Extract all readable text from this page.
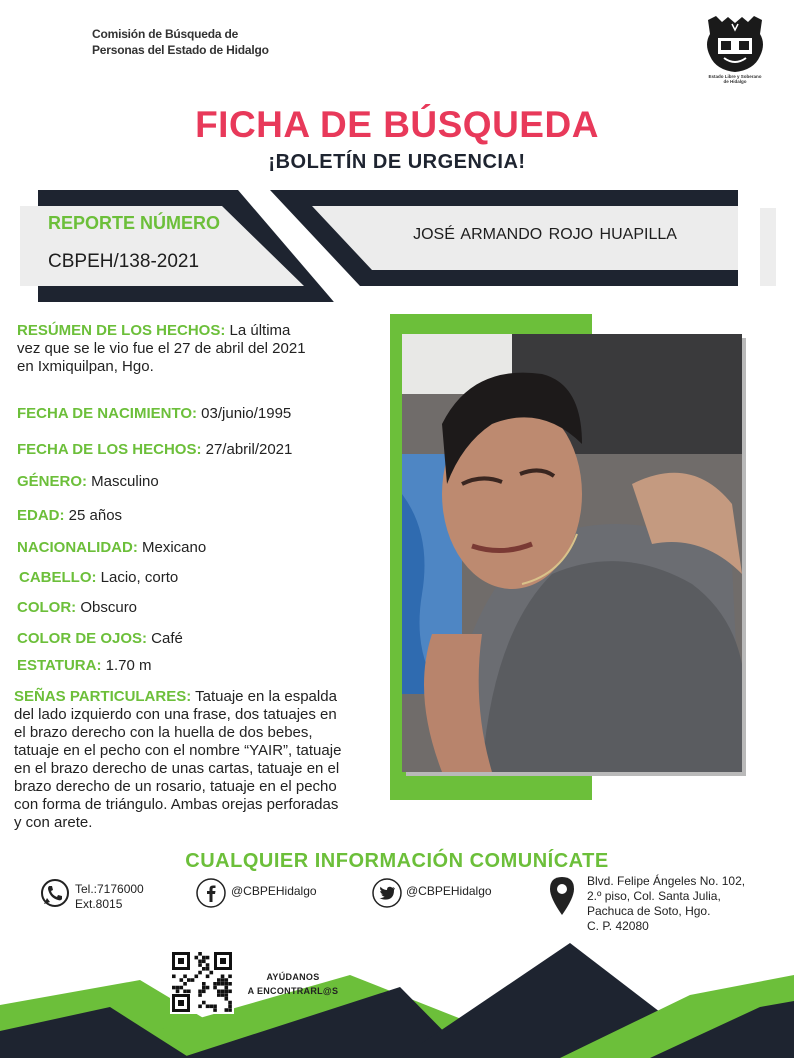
Comisión de Búsqueda de
Personas del Estado de Hidalgo
Estado Libre y Soberano
de Hidalgo
FICHA DE BÚSQUEDA
¡BOLETÍN DE URGENCIA!
REPORTE NÚMERO
CBPEH/138-2021
JOSÉ ARMANDO ROJO HUAPILLA
RESÚMEN DE LOS HECHOS: La última
vez que se le vio fue el 27 de abril del 2021
en Ixmiquilpan, Hgo.
FECHA DE NACIMIENTO: 03/junio/1995
FECHA DE LOS HECHOS: 27/abril/2021
GÉNERO: Masculino
EDAD: 25 años
NACIONALIDAD: Mexicano
CABELLO: Lacio, corto
COLOR: Obscuro
COLOR DE OJOS: Café
ESTATURA: 1.70 m
SEÑAS PARTICULARES: Tatuaje en la espalda
del lado izquierdo con una frase, dos tatuajes en
el brazo derecho con la huella de dos bebes,
tatuaje en el pecho con el nombre “YAIR”, tatuaje
en el brazo derecho de unas cartas, tatuaje en el
brazo derecho de un rosario, tatuaje en el pecho
con forma de triángulo. Ambas orejas perforadas
y con arete.
CUALQUIER INFORMACIÓN COMUNÍCATE
Tel.:7176000
Ext.8015
@CBPEHidalgo	@CBPEHidalgo
Blvd. Felipe Ángeles No. 102,
2.º piso, Col. Santa Julia,
Pachuca de Soto, Hgo.
C. P. 42080
AYÚDANOS
A ENCONTRARL@S
